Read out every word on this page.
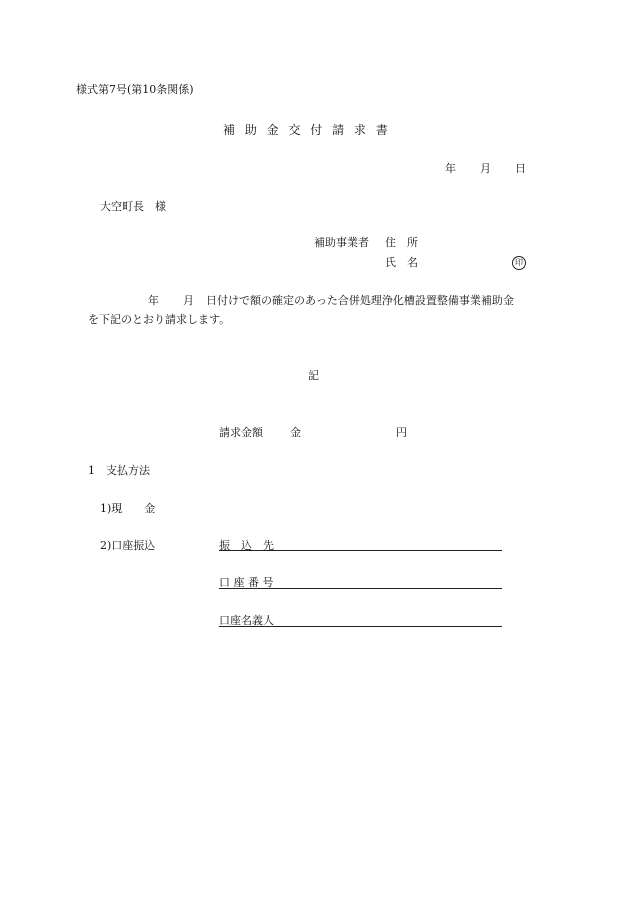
様式第7号(第10条関係)
補 助 金 交 付 請 求 書
年 月 日
大空町長　様
補助事業者 住　所
氏　名	印
年 月 日付けで額の確定のあった合併処理浄化槽設置整備事業補助金
を下記のとおり請求します。
記
請求金額 金	円
1　支払方法
1)現　　金
2)口座振込	振　込　先
口 座 番 号
口座名義人
